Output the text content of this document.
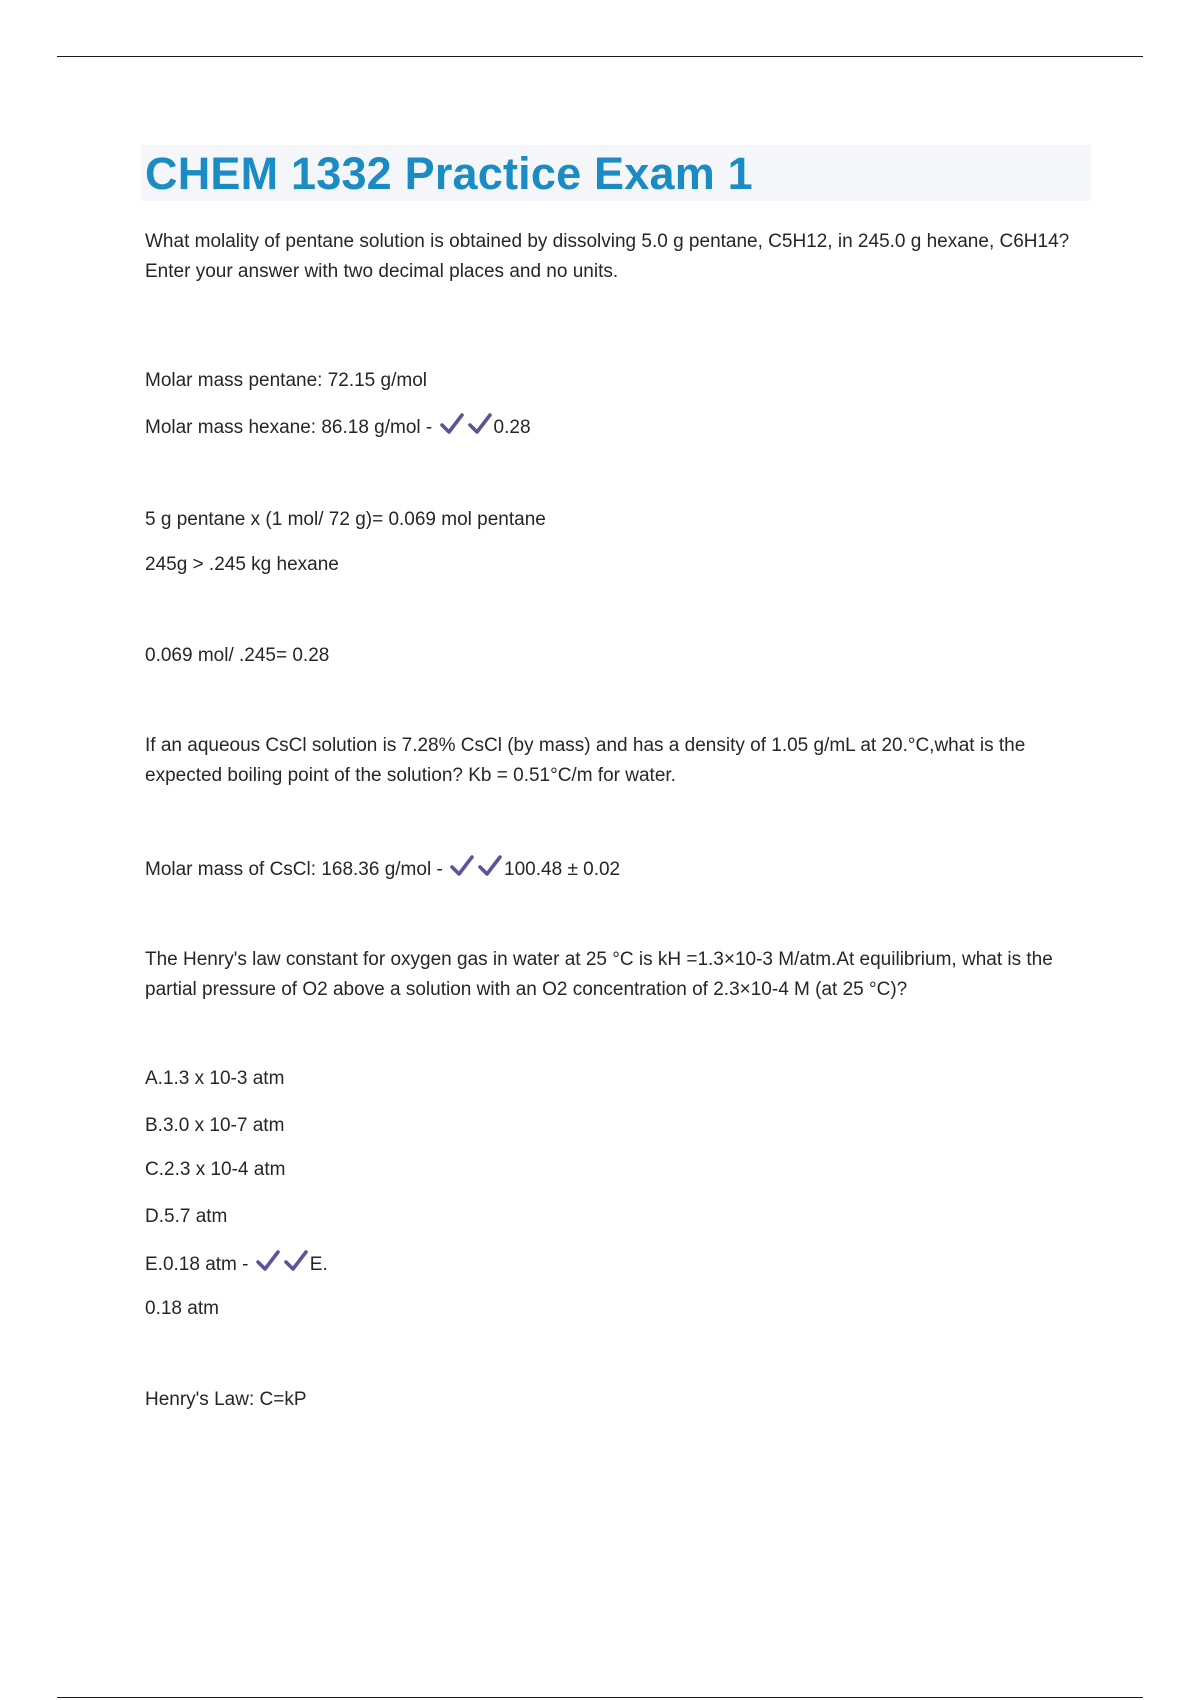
CHEM 1332 Practice Exam 1

What molality of pentane solution is obtained by dissolving 5.0 g pentane, C5H12, in 245.0 g hexane, C6H14? Enter your answer with two decimal places and no units.

Molar mass pentane: 72.15 g/mol
Molar mass hexane: 86.18 g/mol -	0.28
5 g pentane x (1 mol/ 72 g)= 0.069 mol pentane
245g > .245 kg hexane
0.069 mol/ .245= 0.28

If an aqueous CsCl solution is 7.28% CsCl (by mass) and has a density of 1.05 g/mL at 20.°C,what is the expected boiling point of the solution? Kb = 0.51°C/m for water.

Molar mass of CsCl: 168.36 g/mol -	100.48 ± 0.02

The Henry's law constant for oxygen gas in water at 25 °C is kH =1.3×10-3 M/atm.At equilibrium, what is the partial pressure of O2 above a solution with an O2 concentration of 2.3×10-4 M (at 25 °C)?

A.1.3 x 10-3 atm
B.3.0 x 10-7 atm
C.2.3 x 10-4 atm
D.5.7 atm
E.0.18 atm -	E.
0.18 atm
Henry's Law: C=kP
